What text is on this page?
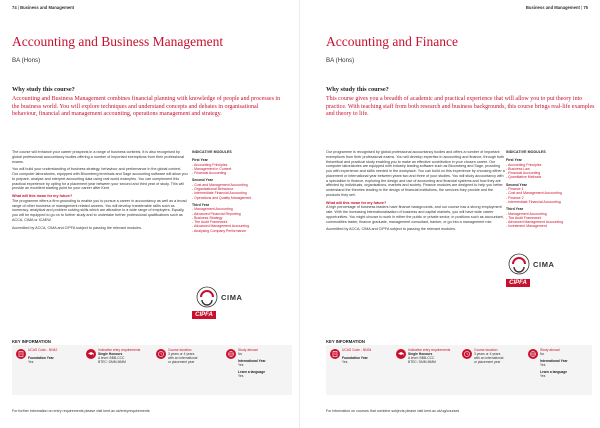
74 | Business and Management
Accounting and Business Management
BA (Hons)
Why study this course?
Accounting and Business Management combines financial planning with knowledge of people and processes in the business world. You will explore techniques and understand concepts and debates in organisational behaviour, financial and management accounting, operations management and strategy.

The course will enhance your career prospects in a range of business contexts. It is also recognised by global professional accountancy bodies offering a number of important exemptions from their professional exams.

You will build your understanding of business strategy, behaviour and performance in the global context. Our computer laboratories, equipped with Bloomberg terminals and Sage accounting software will allow you to prepare, analyse and interpret accounting data using real world examples. You can complement this practical experience by opting for a placement year between your second and third year of study. This will provide an excellent starting point for your career after Kent.

What will this mean for my future?

The programme offers a firm grounding to enable you to pursue a career in accountancy as well as a broad range of other business or management related careers. You will develop transferable skills such as numeracy, analytical and problem solving skills which are attractive to a wide range of employers. Equally, you will be equipped to go on to further study and to undertake further professional qualifications such as ACCA, CIMA or ICAEW.

Accredited by ACCA, CIMA and CIPFA subject to passing the relevant modules.

INDICATIVE MODULES
First Year
- Accounting Principles
- Management in Context
- Financial Accounting
Second Year
- Cost and Management Accounting
- Organisational Behaviour
- Intermediate Financial Accounting
- Operations and Quality Management
Third Year
- Management Accounting
- Advanced Financial Reporting
- Business Strategy
- The Audit Framework
- Advanced Management Accounting
- Analysing Company Performance
CIMA
CIPFA
KEY INFORMATION
UCAS Code - NN42
Foundation Year
Yes
Indicative entry requirements
Single Honours
A level: BBB-CCC
BTEC: DMM-MMM
Course duration
3 years or 4 years
with an international
or placement year
Study abroad
No
International Year
Yes
Learn a language
Yes
For further information on entry requirements please visit kent.ac.uk/entryrequirements
Business and Management | 75
Accounting and Finance
BA (Hons)
Why study this course?
This course gives you a breadth of academic and practical experience that will allow you to put theory into practice. With teaching staff from both research and business backgrounds, this course brings real-life examples and theory to life.

Our programme is recognised by global professional accountancy bodies and offers a number of important exemptions from their professional exams. You will develop expertise in accounting and finance, through both theoretical and practical study enabling you to make an effective contribution in your chosen career. Our computer laboratories are equipped with industry leading software such as Bloomberg and Sage, providing you with experience and skills needed in the workplace. You can build on this experience by choosing either a placement or international year between years two and three of your studies. You will study accountancy with a specialism in finance, exploring the design and use of accounting and financial systems and how they are affected by individuals, organisations, markets and society. Finance modules are designed to help you better understand the theories leading to the design of financial institutions, the services they provide and the products they sell.

What will this mean for my future?

A high percentage of business leaders have finance backgrounds, and our course has a strong employment rate. With the increasing internationalisation of business and capital markets, you will have wide career opportunities. You might choose to work in either the public or private sector, in positions such as accountant, commodities trader, finance graduate, management consultant, banker, or go into a management role.

Accredited by ACCA, CIMA and CIPFA subject to passing the relevant modules.

INDICATIVE MODULES
First Year
- Accounting Principles
- Business Law
- Financial Accounting
- Quantitative Methods
Second Year
- Finance 1
- Cost and Management Accounting
- Finance 2
- Intermediate Financial Accounting
Third Year
- Management Accounting
- The Audit Framework
- Advanced Management Accounting
- Investment Management
CIMA
CIPFA
KEY INFORMATION
UCAS Code - NN34
Foundation Year
Yes
Indicative entry requirements
Single Honours
A level: BBB-CCC
BTEC: DMM-MMM
Course duration
3 years or 4 years
with an international
or placement year
Study abroad
No
International Year
Yes
Learn a language
Yes
For information on courses that combine subjects please visit kent.ac.uk/ug/courses
